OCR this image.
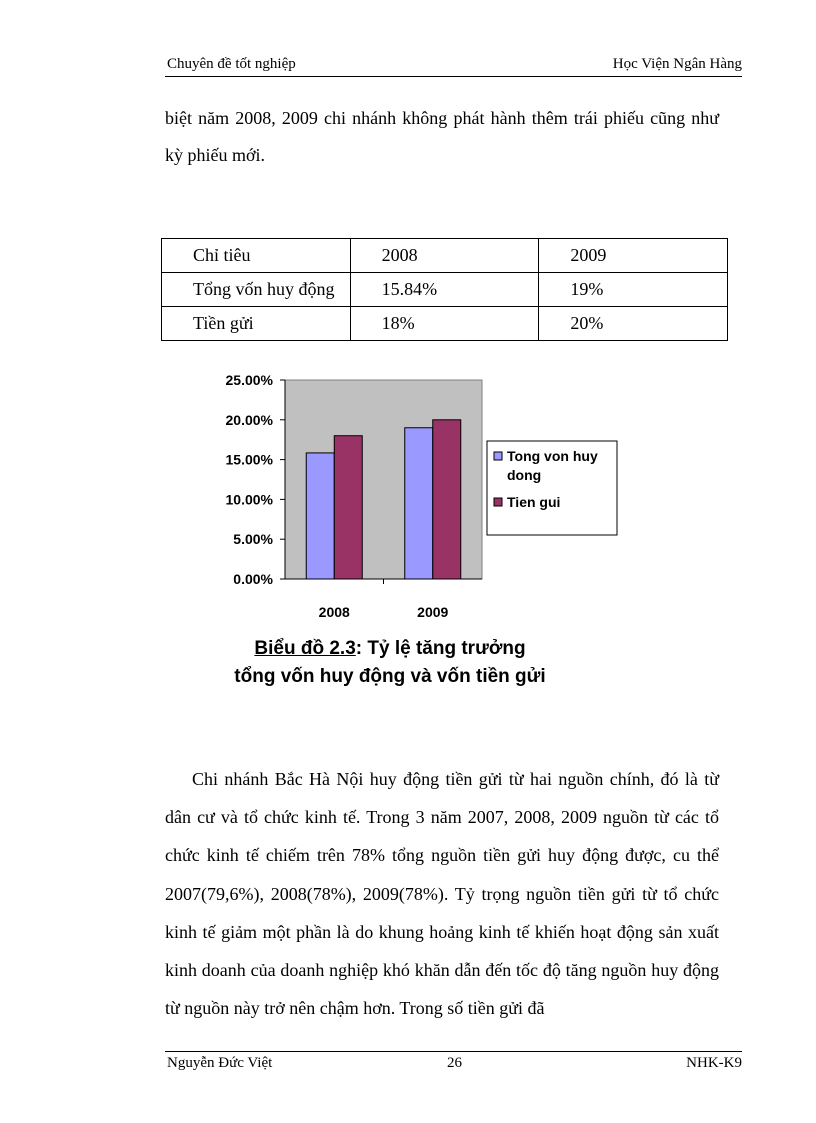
Chuyên đề tốt nghiệp	Học Viện Ngân Hàng

biệt năm 2008, 2009 chi nhánh không phát hành thêm trái phiếu cũng như kỳ phiếu mới.

Chỉ tiêu	2008	2009
Tổng vốn huy động	15.84%	19%
Tiền gửi	18%	20%
0.00%
5.00%
10.00%
15.00%
20.00%
25.00%
2008	2009
Tong von huy dong
Tien gui
Biểu đồ 2.3: Tỷ lệ tăng trưởng
tổng vốn huy động và vốn tiền gửi

Chi nhánh Bắc Hà Nội huy động tiền gửi từ hai nguồn chính, đó là từ dân cư và tổ chức kinh tế. Trong 3 năm 2007, 2008, 2009 nguồn từ các tổ chức kinh tế chiếm trên 78% tổng nguồn tiền gửi huy động được, cu thể 2007(79,6%), 2008(78%), 2009(78%). Tỷ trọng nguồn tiền gửi từ tổ chức kinh tế giảm một phần là do khung hoảng kinh tế khiến hoạt động sản xuất kinh doanh của doanh nghiệp khó khăn dẫn đến tốc độ tăng nguồn huy động từ nguồn này trở nên chậm hơn. Trong số tiền gửi đã

Nguyễn Đức Việt	26	NHK-K9
